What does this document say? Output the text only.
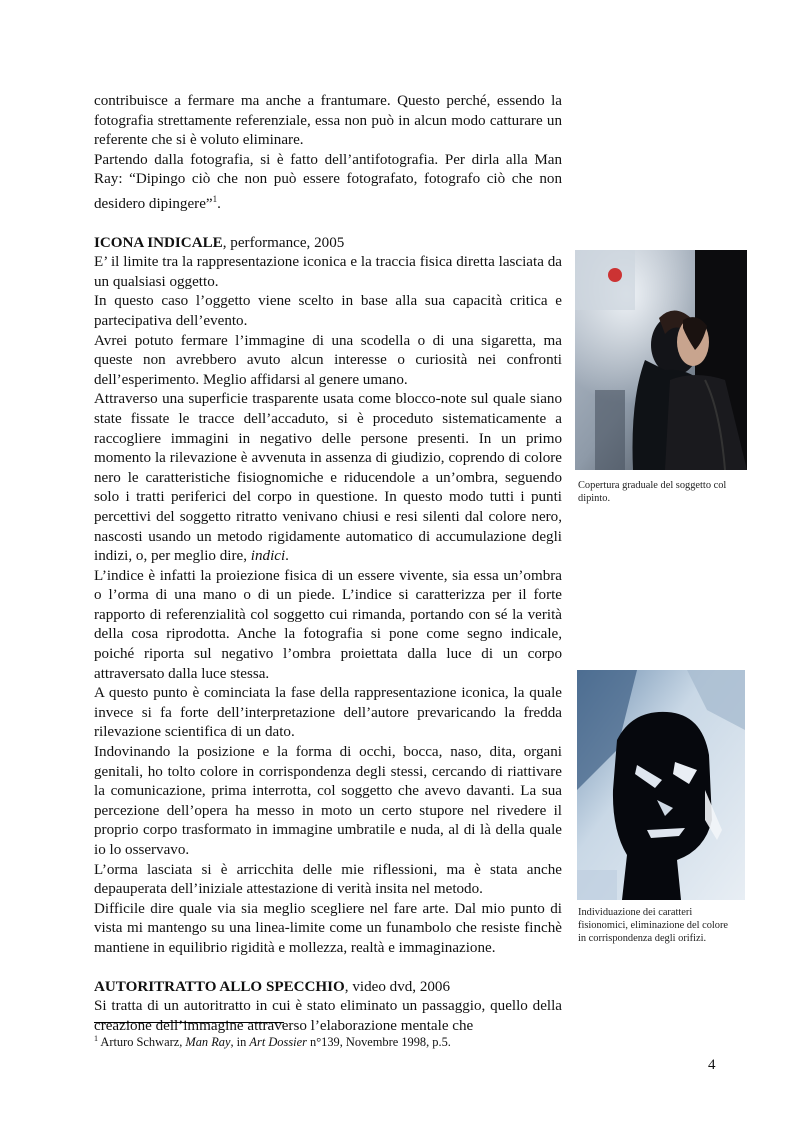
contribuisce a fermare ma anche a frantumare. Questo perché, essendo la fotografia strettamente referenziale, essa non può in alcun modo catturare un referente che si è voluto eliminare.

Partendo dalla fotografia, si è fatto dell’antifotografia. Per dirla alla Man Ray: “Dipingo ciò che non può essere fotografato, fotografo ciò che non desidero dipingere”$^1$.

ICONA INDICALE, performance, 2005

E’ il limite tra la rappresentazione iconica e la traccia fisica diretta lasciata da un qualsiasi oggetto.

In questo caso l’oggetto viene scelto in base alla sua capacità critica e partecipativa dell’evento.

Avrei potuto fermare l’immagine di una scodella o di una sigaretta, ma queste non avrebbero avuto alcun interesse o curiosità nei confronti dell’esperimento. Meglio affidarsi al genere umano.

Attraverso una superficie trasparente usata come blocco-note sul quale siano state fissate le tracce dell’accaduto, si è proceduto sistematicamente a raccogliere immagini in negativo delle persone presenti. In un primo momento la rilevazione è avvenuta in assenza di giudizio, coprendo di colore nero le caratteristiche fisiognomiche e riducendole a un’ombra, seguendo solo i tratti periferici del corpo in questione. In questo modo tutti i punti percettivi del soggetto ritratto venivano chiusi e resi silenti dal colore nero, nascosti usando un metodo rigidamente automatico di accumulazione degli indizi, o, per meglio dire, indici.

L’indice è infatti la proiezione fisica di un essere vivente, sia essa un’ombra o l’orma di una mano o di un piede. L’indice si caratterizza per il forte rapporto di referenzialità col soggetto cui rimanda, portando con sé la verità della cosa riprodotta. Anche la fotografia si pone come segno indicale, poiché riporta sul negativo l’ombra proiettata dalla luce di un corpo attraversato dalla luce stessa.

A questo punto è cominciata la fase della rappresentazione iconica, la quale invece si fa forte dell’interpretazione dell’autore prevaricando la fredda rilevazione scientifica di un dato.

Indovinando la posizione e la forma di occhi, bocca, naso, dita, organi genitali, ho tolto colore in corrispondenza degli stessi, cercando di riattivare la comunicazione, prima interrotta, col soggetto che avevo davanti. La sua percezione dell’opera ha messo in moto un certo stupore nel rivedere il proprio corpo trasformato in immagine umbratile e nuda, al di là della quale io lo osservavo.

L’orma lasciata si è arricchita delle mie riflessioni, ma è stata anche depauperata dell’iniziale attestazione di verità insita nel metodo.

Difficile dire quale via sia meglio scegliere nel fare arte. Dal mio punto di vista mi mantengo su una linea-limite come un funambolo che resiste finchè mantiene in equilibrio rigidità e mollezza, realtà e immaginazione.

AUTORITRATTO ALLO SPECCHIO, video dvd, 2006

Si tratta di un autoritratto in cui è stato eliminato un passaggio, quello della creazione dell’immagine attraverso l’elaborazione mentale che

Copertura graduale del soggetto col dipinto.
Individuazione dei caratteri fisionomici, eliminazione del colore in corrispondenza degli orifizi.
$^1$ Arturo Schwarz, Man Ray, in Art Dossier n°139, Novembre 1998, p.5.
4
